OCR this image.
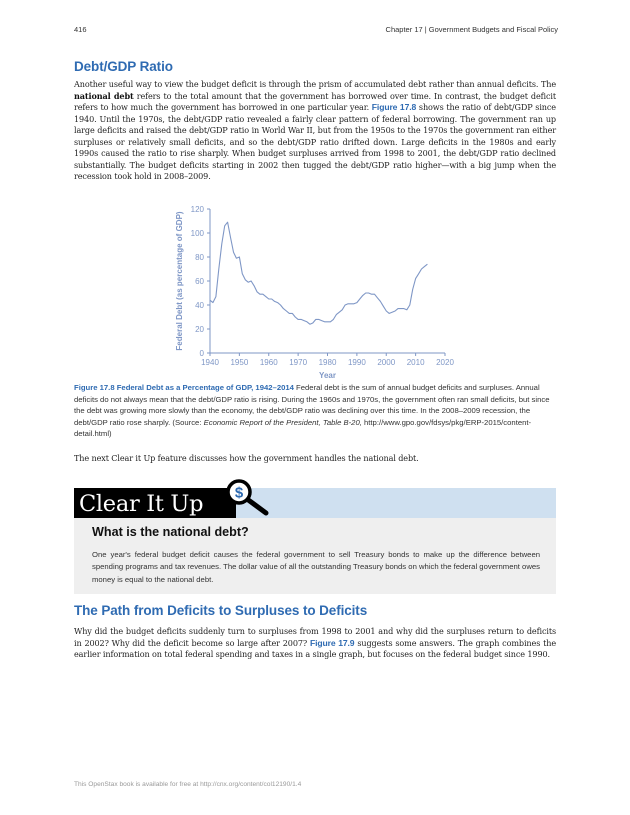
416	Chapter 17 | Government Budgets and Fiscal Policy
Debt/GDP Ratio

Another useful way to view the budget deficit is through the prism of accumulated debt rather than annual deficits. The national debt refers to the total amount that the government has borrowed over time. In contrast, the budget deficit refers to how much the government has borrowed in one particular year. Figure 17.8 shows the ratio of debt/GDP since 1940. Until the 1970s, the debt/GDP ratio revealed a fairly clear pattern of federal borrowing. The government ran up large deficits and raised the debt/GDP ratio in World War II, but from the 1950s to the 1970s the government ran either surpluses or relatively small deficits, and so the debt/GDP ratio drifted down. Large deficits in the 1980s and early 1990s caused the ratio to rise sharply. When budget surpluses arrived from 1998 to 2001, the debt/GDP ratio declined substantially. The budget deficits starting in 2002 then tugged the debt/GDP ratio higher—with a big jump when the recession took hold in 2008–2009.

0
20
40
60
80
100
120
1940 1950 1960 1970 1980 1990 2000 2010 2020
Federal Debt (as percentage of GDP)
Year

Figure 17.8 Federal Debt as a Percentage of GDP, 1942–2014 Federal debt is the sum of annual budget deficits and surpluses. Annual deficits do not always mean that the debt/GDP ratio is rising. During the 1960s and 1970s, the government often ran small deficits, but since the debt was growing more slowly than the economy, the debt/GDP ratio was declining over this time. In the 2008–2009 recession, the debt/GDP ratio rose sharply. (Source: Economic Report of the President, Table B-20, http://www.gpo.gov/fdsys/pkg/ERP-2015/content-detail.html)

The next Clear it Up feature discusses how the government handles the national debt.

Clear It Up $
What is the national debt?

One year's federal budget deficit causes the federal government to sell Treasury bonds to make up the difference between spending programs and tax revenues. The dollar value of all the outstanding Treasury bonds on which the federal government owes money is equal to the national debt.

The Path from Deficits to Surpluses to Deficits

Why did the budget deficits suddenly turn to surpluses from 1998 to 2001 and why did the surpluses return to deficits in 2002? Why did the deficit become so large after 2007? Figure 17.9 suggests some answers. The graph combines the earlier information on total federal spending and taxes in a single graph, but focuses on the federal budget since 1990.

This OpenStax book is available for free at http://cnx.org/content/col12190/1.4
